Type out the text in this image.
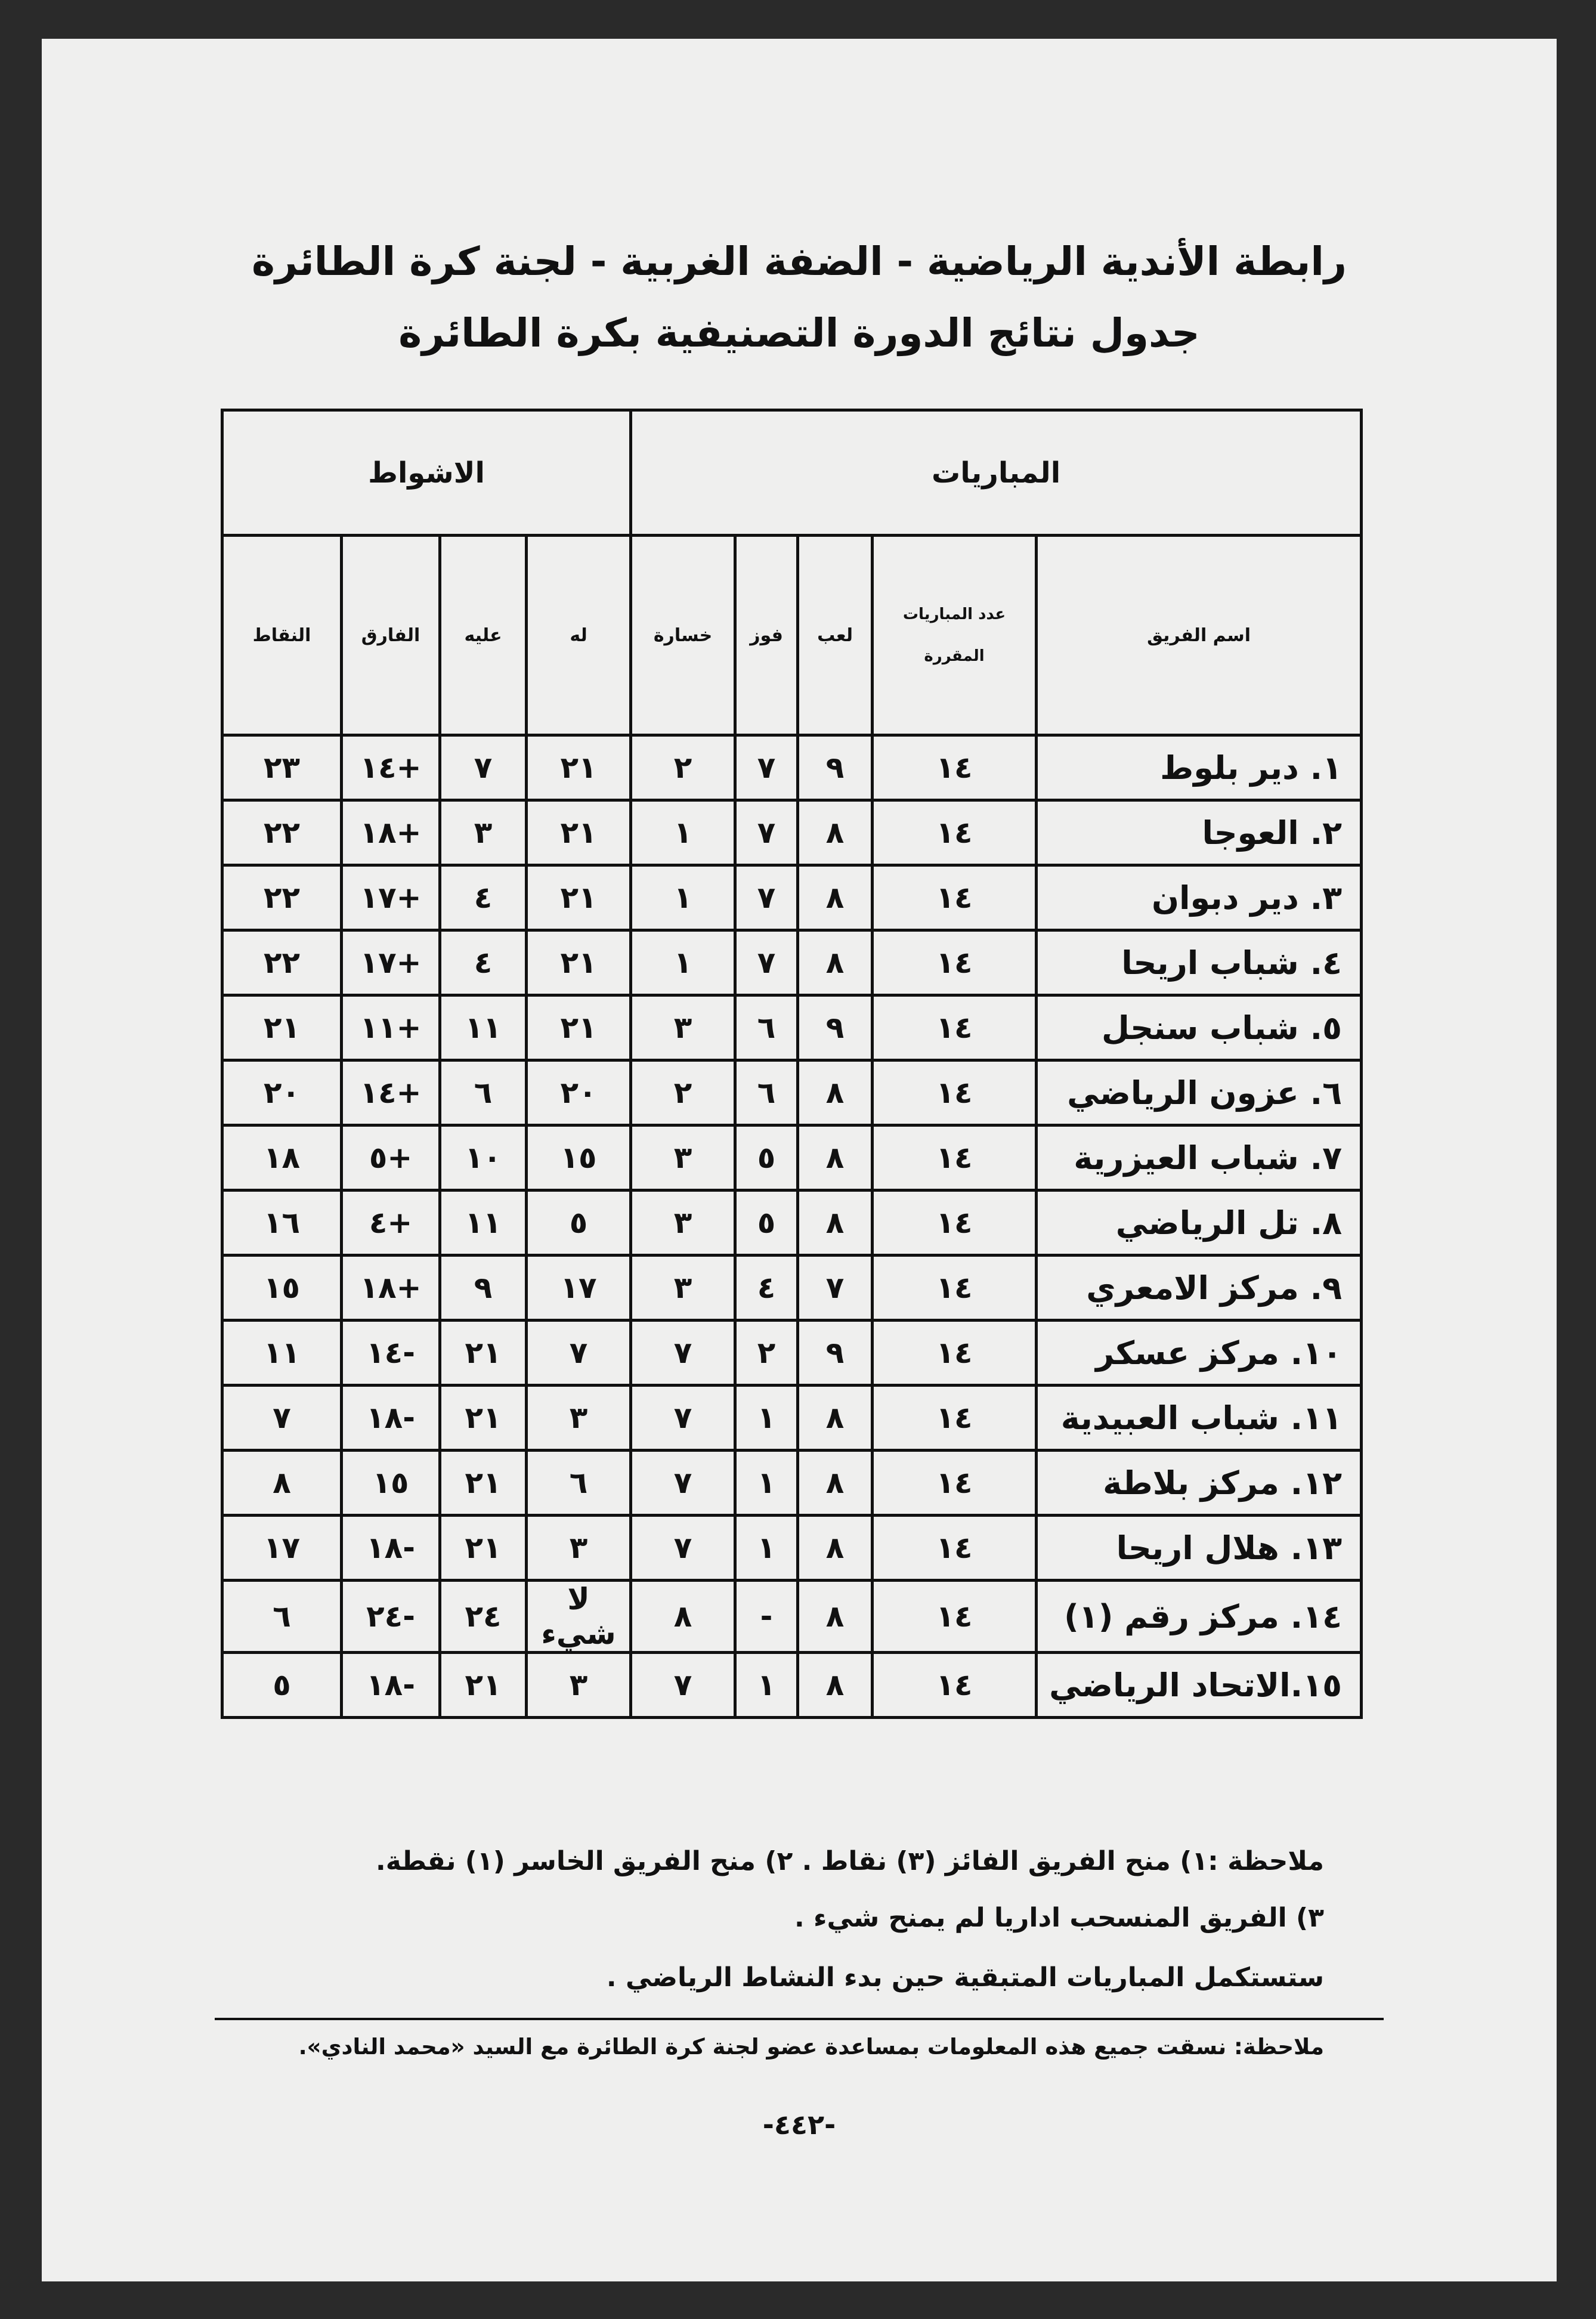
رابطة الأندية الرياضية - الضفة الغربية - لجنة كرة الطائرة
جدول نتائج الدورة التصنيفية بكرة الطائرة
المباريات					الاشواط			
اسم الفريق	عدد المباريات المقررة	لعب	فوز	خسارة	له	عليه	الفارق	النقاط
١. دير بلوط	١٤	٩	٧	٢	٢١	٧	+١٤	٢٣
٢. العوجا	١٤	٨	٧	١	٢١	٣	+١٨	٢٢
٣. دير دبوان	١٤	٨	٧	١	٢١	٤	+١٧	٢٢
٤. شباب اريحا	١٤	٨	٧	١	٢١	٤	+١٧	٢٢
٥. شباب سنجل	١٤	٩	٦	٣	٢١	١١	+١١	٢١
٦. عزون الرياضي	١٤	٨	٦	٢	٢٠	٦	+١٤	٢٠
٧. شباب العيزرية	١٤	٨	٥	٣	١٥	١٠	+٥	١٨
٨. تل الرياضي	١٤	٨	٥	٣	٥	١١	+٤	١٦
٩. مركز الامعري	١٤	٧	٤	٣	١٧	٩	+١٨	١٥
١٠. مركز عسكر	١٤	٩	٢	٧	٧	٢١	-١٤	١١
١١. شباب العبيدية	١٤	٨	١	٧	٣	٢١	-١٨	٧
١٢. مركز بلاطة	١٤	٨	١	٧	٦	٢١	١٥	٨
١٣. هلال اريحا	١٤	٨	١	٧	٣	٢١	-١٨	١٧
١٤. مركز رقم (١)	١٤	٨	-	٨	لا شيء	٢٤	-٢٤	٦
١٥.الاتحاد الرياضي	١٤	٨	١	٧	٣	٢١	-١٨	٥
ملاحظة :١) منح الفريق الفائز (٣) نقاط . ٢) منح الفريق الخاسر (١) نقطة.
٣) الفريق المنسحب اداريا لم يمنح شيء .
ستستكمل المباريات المتبقية حين بدء النشاط الرياضي .
ملاحظة: نسقت جميع هذه المعلومات بمساعدة عضو لجنة كرة الطائرة مع السيد «محمد النادي».
-٤٤٢-
